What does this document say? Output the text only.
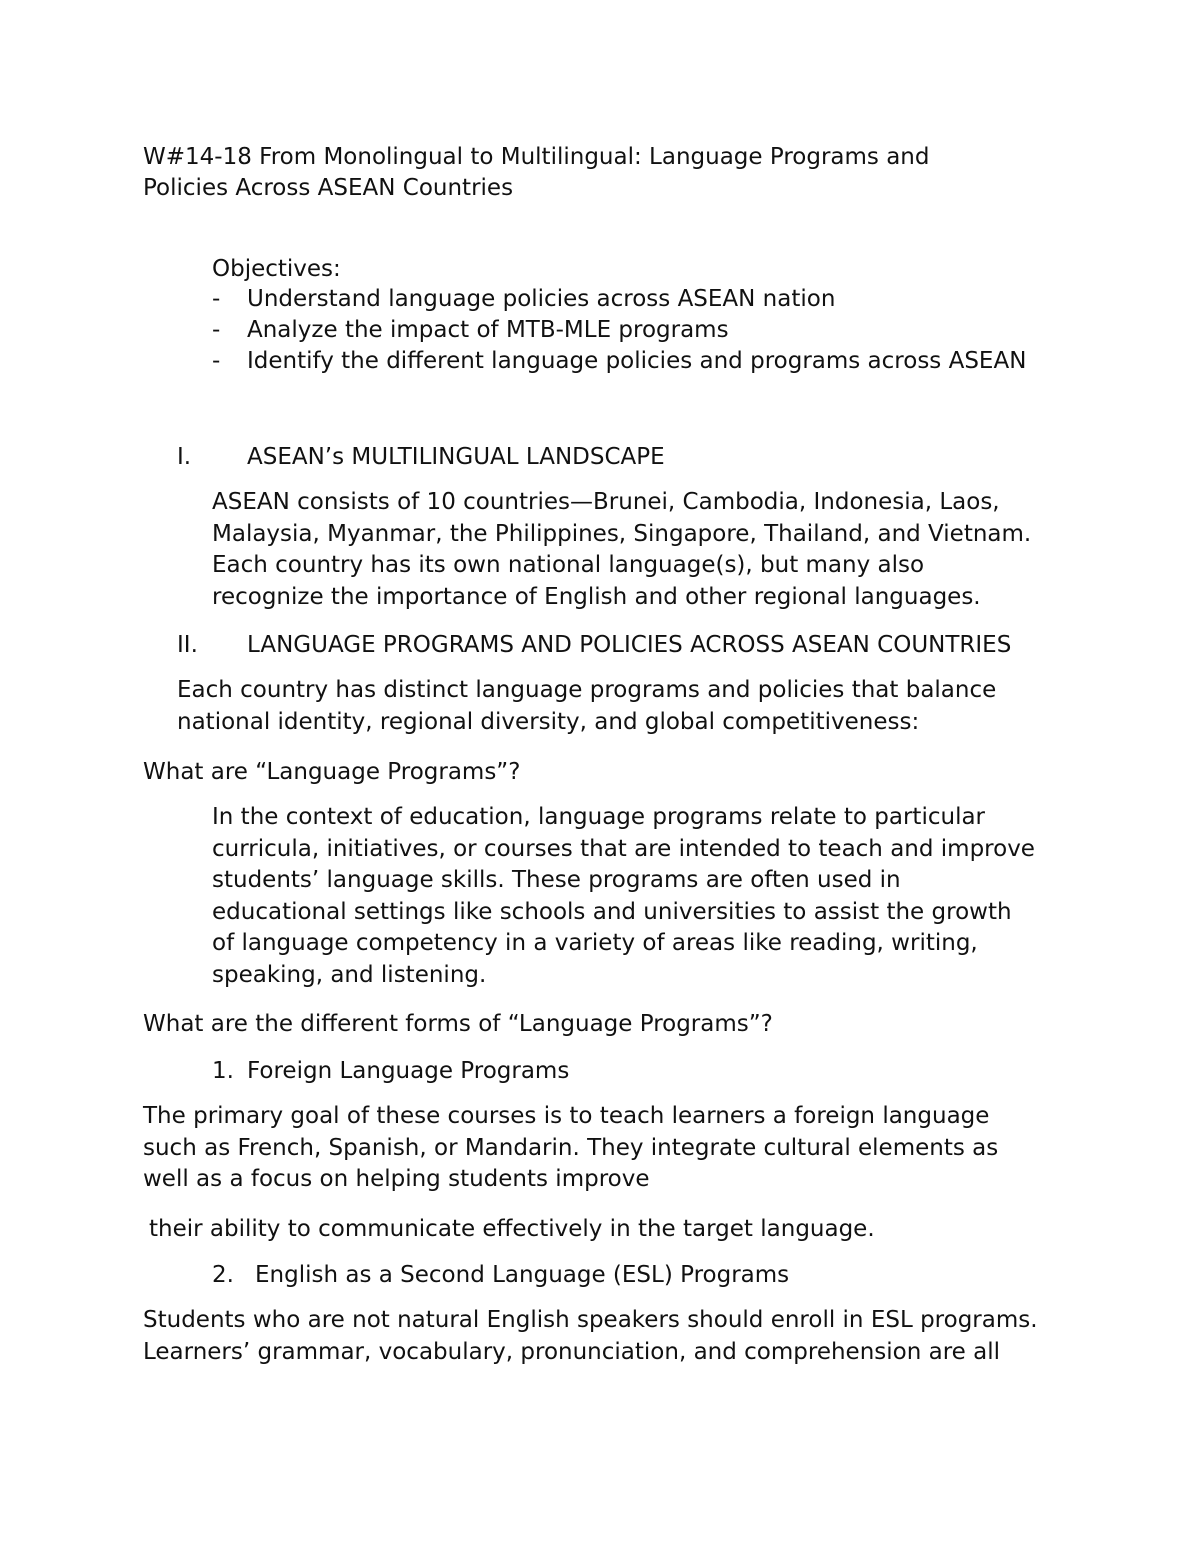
W#14-18 From Monolingual to Multilingual: Language Programs and

Policies Across ASEAN Countries

Objectives:

- Understand language policies across ASEAN nation

- Analyze the impact of MTB-MLE programs

- Identify the different language policies and programs across ASEAN

I. ASEAN’s MULTILINGUAL LANDSCAPE

ASEAN consists of 10 countries—Brunei, Cambodia, Indonesia, Laos,
Malaysia, Myanmar, the Philippines, Singapore, Thailand, and Vietnam.
Each country has its own national language(s), but many also
recognize the importance of English and other regional languages.
II. LANGUAGE PROGRAMS AND POLICIES ACROSS ASEAN COUNTRIES

Each country has distinct language programs and policies that balance
national identity, regional diversity, and global competitiveness:

What are “Language Programs”?

In the context of education, language programs relate to particular
curricula, initiatives, or courses that are intended to teach and improve
students’ language skills. These programs are often used in
educational settings like schools and universities to assist the growth
of language competency in a variety of areas like reading, writing,
speaking, and listening.

What are the different forms of “Language Programs”?

1. Foreign Language Programs

The primary goal of these courses is to teach learners a foreign language
such as French, Spanish, or Mandarin. They integrate cultural elements as
well as a focus on helping students improve

their ability to communicate effectively in the target language.

2. English as a Second Language (ESL) Programs

Students who are not natural English speakers should enroll in ESL programs.
Learners’ grammar, vocabulary, pronunciation, and comprehension are all
